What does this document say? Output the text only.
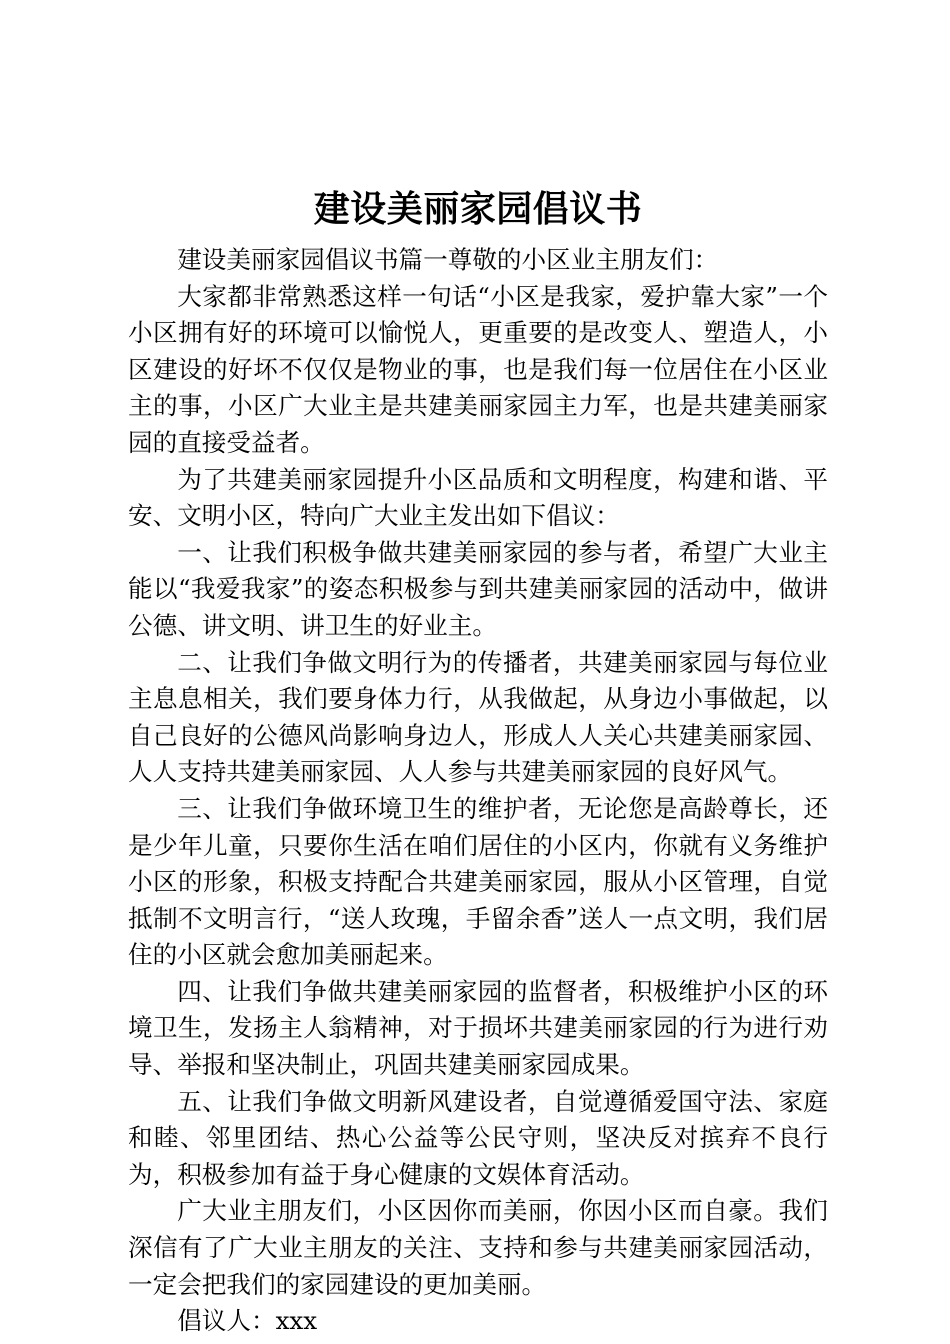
建设美丽家园倡议书

建设美丽家园倡议书篇一尊敬的小区业主朋友们：

大家都非常熟悉这样一句话“小区是我家，爱护靠大家”一个小区拥有好的环境可以愉悦人，更重要的是改变人、塑造人，小区建设的好坏不仅仅是物业的事，也是我们每一位居住在小区业主的事，小区广大业主是共建美丽家园主力军，也是共建美丽家园的直接受益者。

为了共建美丽家园提升小区品质和文明程度，构建和谐、平安、文明小区，特向广大业主发出如下倡议：

一、让我们积极争做共建美丽家园的参与者，希望广大业主能以“我爱我家”的姿态积极参与到共建美丽家园的活动中，做讲公德、讲文明、讲卫生的好业主。

二、让我们争做文明行为的传播者，共建美丽家园与每位业主息息相关，我们要身体力行，从我做起，从身边小事做起，以自己良好的公德风尚影响身边人，形成人人关心共建美丽家园、人人支持共建美丽家园、人人参与共建美丽家园的良好风气。

三、让我们争做环境卫生的维护者，无论您是高龄尊长，还是少年儿童，只要你生活在咱们居住的小区内，你就有义务维护小区的形象，积极支持配合共建美丽家园，服从小区管理，自觉抵制不文明言行，“送人玫瑰，手留余香”送人一点文明，我们居住的小区就会愈加美丽起来。

四、让我们争做共建美丽家园的监督者，积极维护小区的环境卫生，发扬主人翁精神，对于损坏共建美丽家园的行为进行劝导、举报和坚决制止，巩固共建美丽家园成果。

五、让我们争做文明新风建设者，自觉遵循爱国守法、家庭和睦、邻里团结、热心公益等公民守则，坚决反对摈弃不良行为，积极参加有益于身心健康的文娱体育活动。

广大业主朋友们，小区因你而美丽，你因小区而自豪。我们深信有了广大业主朋友的关注、支持和参与共建美丽家园活动，一定会把我们的家园建设的更加美丽。

倡议人：xxx
